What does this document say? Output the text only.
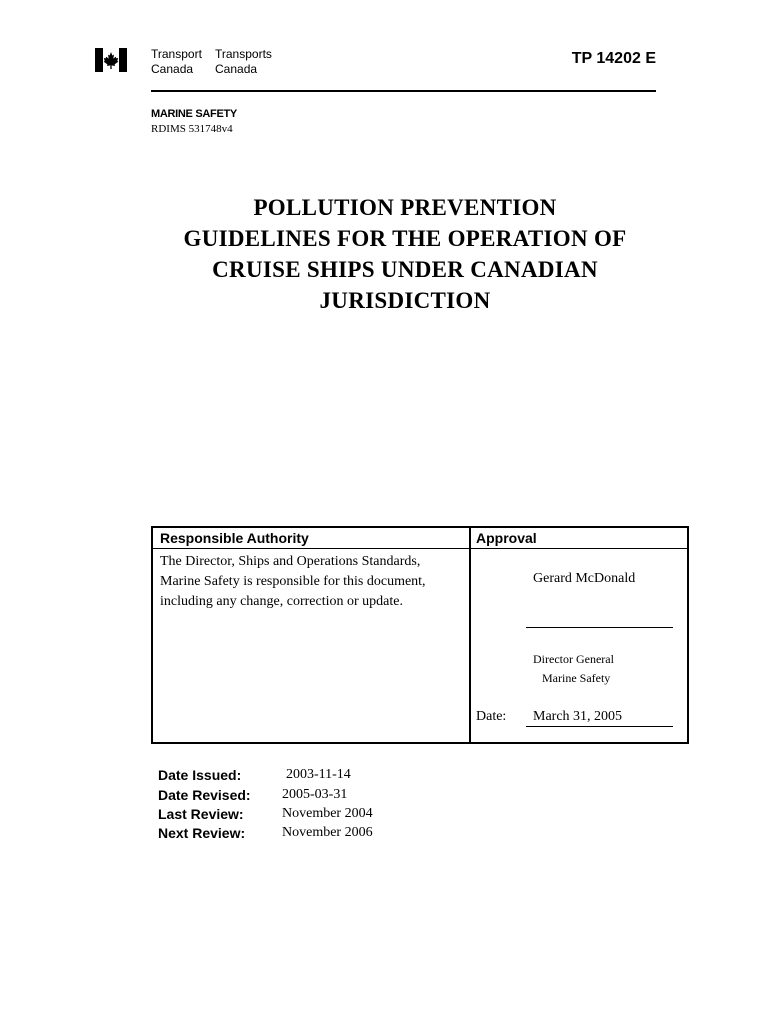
Transport
Canada
Transports
Canada
TP 14202 E
MARINE SAFETY
RDIMS 531748v4
POLLUTION PREVENTION
GUIDELINES FOR THE OPERATION OF
CRUISE SHIPS UNDER CANADIAN
JURISDICTION
Responsible Authority	Approval
The Director, Ships and Operations Standards, Marine Safety is responsible for this document, including any change, correction or update.
Gerard McDonald
Director General
Marine Safety
Date: March 31, 2005
Date Issued:	2003-11-14
Date Revised: 2005-03-31
Last Review:	November 2004
Next Review:	November 2006
